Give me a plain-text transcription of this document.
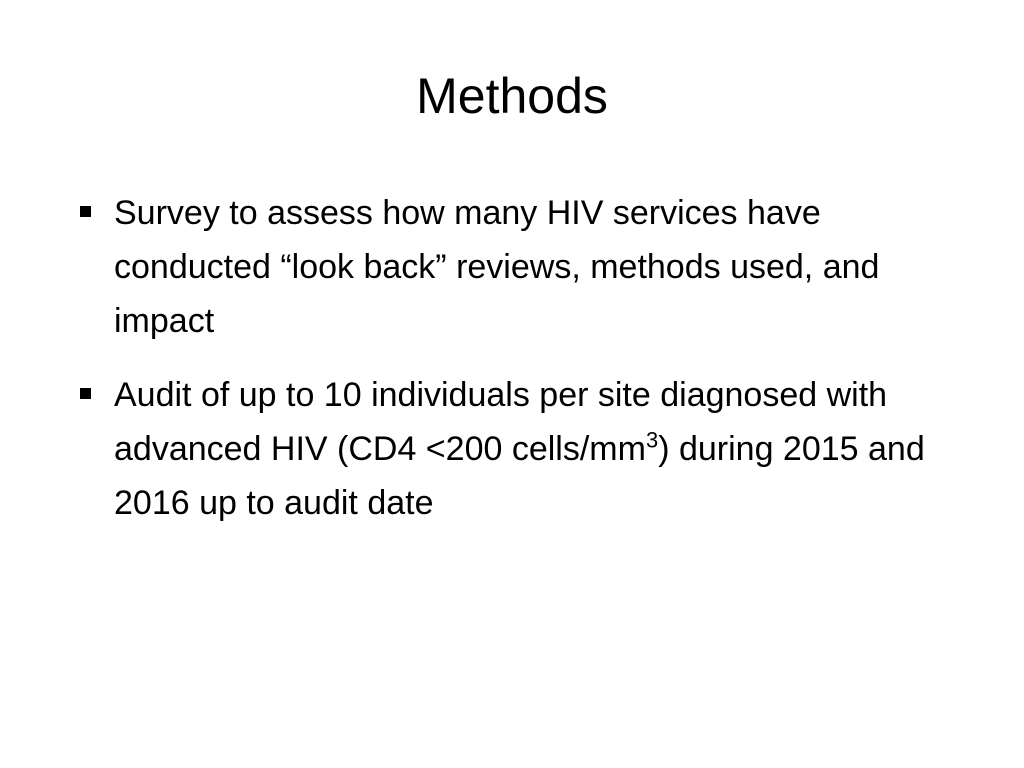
Methods
Survey to assess how many HIV services have conducted “look back” reviews, methods used, and impact
Audit of up to 10 individuals per site diagnosed with advanced HIV (CD4 <200 cells/$mm^3$) during 2015 and 2016 up to audit date
